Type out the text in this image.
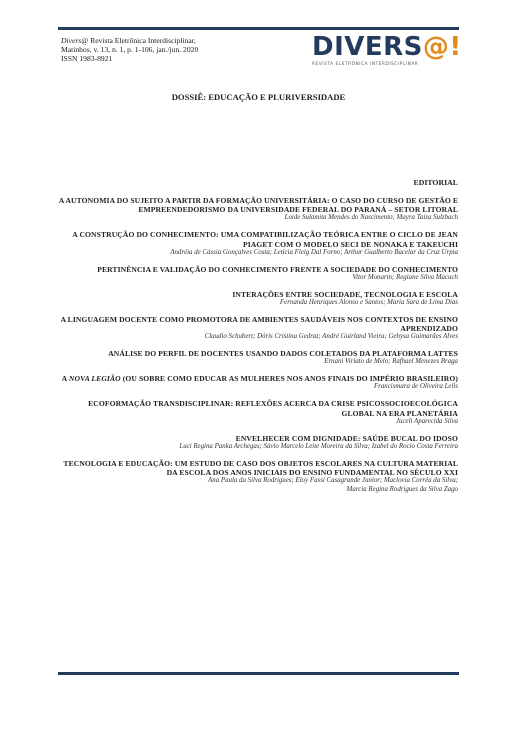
Divers@ Revista Eletrônica Interdisciplinar,
Matinhos, v. 13, n. 1, p. 1-106, jan./jun. 2020
ISSN 1983-8921	DIVERS@!
REVISTA ELETRÔNICA INTERDISCIPLINAR
DOSSIÊ: EDUCAÇÃO E PLURIVERSIDADE
EDITORIAL
A AUTONOMIA DO SUJEITO A PARTIR DA FORMAÇÃO UNIVERSITÁRIA: O CASO DO CURSO DE GESTÃO E EMPREENDEDORISMO DA UNIVERSIDADE FEDERAL DO PARANÁ – SETOR LITORAL
Loide Sulamita Mendes do Nascimento; Mayra Taiza Sulzbach
A CONSTRUÇÃO DO CONHECIMENTO: UMA COMPATIBILIZAÇÃO TEÓRICA ENTRE O CICLO DE JEAN PIAGET COM O MODELO SECI DE NONAKA E TAKEUCHI
Andréia de Cássia Gonçalves Costa; Letícia Fleig Dal Forno; Arthur Gualberto Bacelar da Cruz Urpia
PERTINÊNCIA E VALIDAÇÃO DO CONHECIMENTO FRENTE A SOCIEDADE DO CONHECIMENTO
Vitor Monarin; Regiane Silva Macuch
INTERAÇÕES ENTRE SOCIEDADE, TECNOLOGIA E ESCOLA
Fernanda Henriques Alonso e Santos; Maria Sara de Lima Dias
A LINGUAGEM DOCENTE COMO PROMOTORA DE AMBIENTES SAUDÁVEIS NOS CONTEXTOS DE ENSINO APRENDIZADO
Claudio Schubert; Dóris Cristina Gedrat; André Guirland Vieira; Gehysa Guimarães Alves
ANÁLISE DO PERFIL DE DOCENTES USANDO DADOS COLETADOS DA PLATAFORMA LATTES
Ernani Viriato de Melo; Rafhael Menezes Braga
A NOVA LEGIÃO (OU SOBRE COMO EDUCAR AS MULHERES NOS ANOS FINAIS DO IMPÉRIO BRASILEIRO)
Francismara de Oliveira Lelis
ECOFORMAÇÃO TRANSDISCIPLINAR: REFLEXÕES ACERCA DA CRISE PSICOSSOCIOECOLÓGICA GLOBAL NA ERA PLANETÁRIA
Juceli Aparecida Silva
ENVELHECER COM DIGNIDADE: SAÚDE BUCAL DO IDOSO
Luci Regina Panka Archegas; Sávio Marcelo Leite Moreira da Silva; Izabel do Rocio Costa Ferreira
TECNOLOGIA E EDUCAÇÃO: UM ESTUDO DE CASO DOS OBJETOS ESCOLARES NA CULTURA MATERIAL DA ESCOLA DOS ANOS INICIAIS DO ENSINO FUNDAMENTAL NO SÉCULO XXI
Ana Paula da Silva Rodrigues; Eloy Fassi Casagrande Junior; Maclovia Corrêa da Silva;
Marcia Regina Rodrigues da Silva Zago
